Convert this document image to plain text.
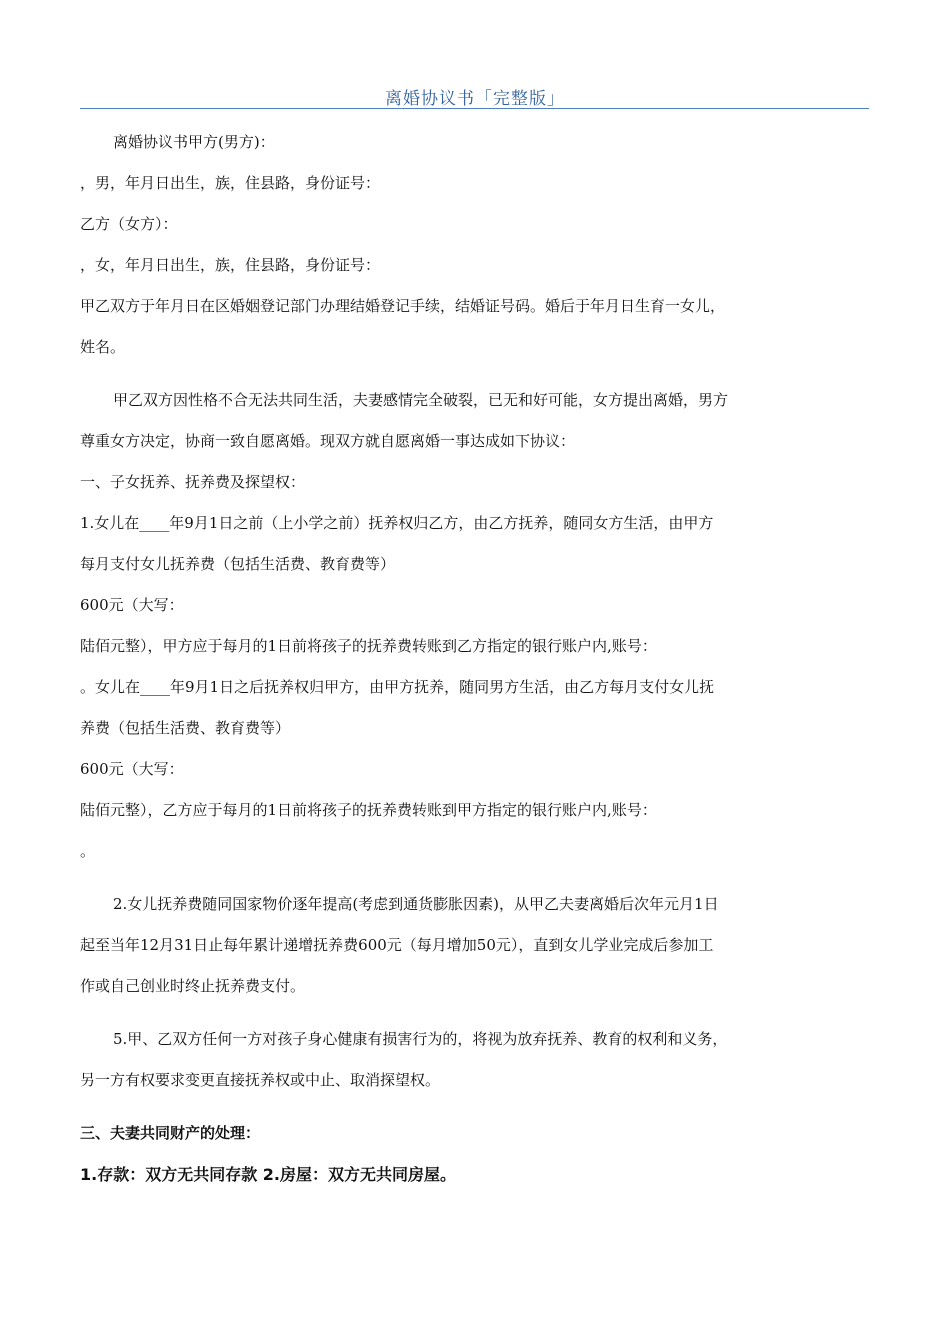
离婚协议书「完整版」

离婚协议书甲方(男方)：

，男，年月日出生，族，住县路，身份证号：

乙方（女方）：

，女，年月日出生，族，住县路，身份证号：

甲乙双方于年月日在区婚姻登记部门办理结婚登记手续，结婚证号码。婚后于年月日生育一女儿，

姓名。

甲乙双方因性格不合无法共同生活，夫妻感情完全破裂，已无和好可能，女方提出离婚，男方

尊重女方决定，协商一致自愿离婚。现双方就自愿离婚一事达成如下协议：

一、子女抚养、抚养费及探望权：

1.女儿在____年9月1日之前（上小学之前）抚养权归乙方，由乙方抚养，随同女方生活，由甲方

每月支付女儿抚养费（包括生活费、教育费等）

600元（大写：

陆佰元整），甲方应于每月的1日前将孩子的抚养费转账到乙方指定的银行账户内,账号：

。女儿在____年9月1日之后抚养权归甲方，由甲方抚养，随同男方生活，由乙方每月支付女儿抚

养费（包括生活费、教育费等）

600元（大写：

陆佰元整），乙方应于每月的1日前将孩子的抚养费转账到甲方指定的银行账户内,账号：

。

2.女儿抚养费随同国家物价逐年提高(考虑到通货膨胀因素)，从甲乙夫妻离婚后次年元月1日

起至当年12月31日止每年累计递增抚养费600元（每月增加50元），直到女儿学业完成后参加工

作或自己创业时终止抚养费支付。

5.甲、乙双方任何一方对孩子身心健康有损害行为的，将视为放弃抚养、教育的权利和义务，

另一方有权要求变更直接抚养权或中止、取消探望权。

三、夫妻共同财产的处理：

1.存款：双方无共同存款 2.房屋：双方无共同房屋。
